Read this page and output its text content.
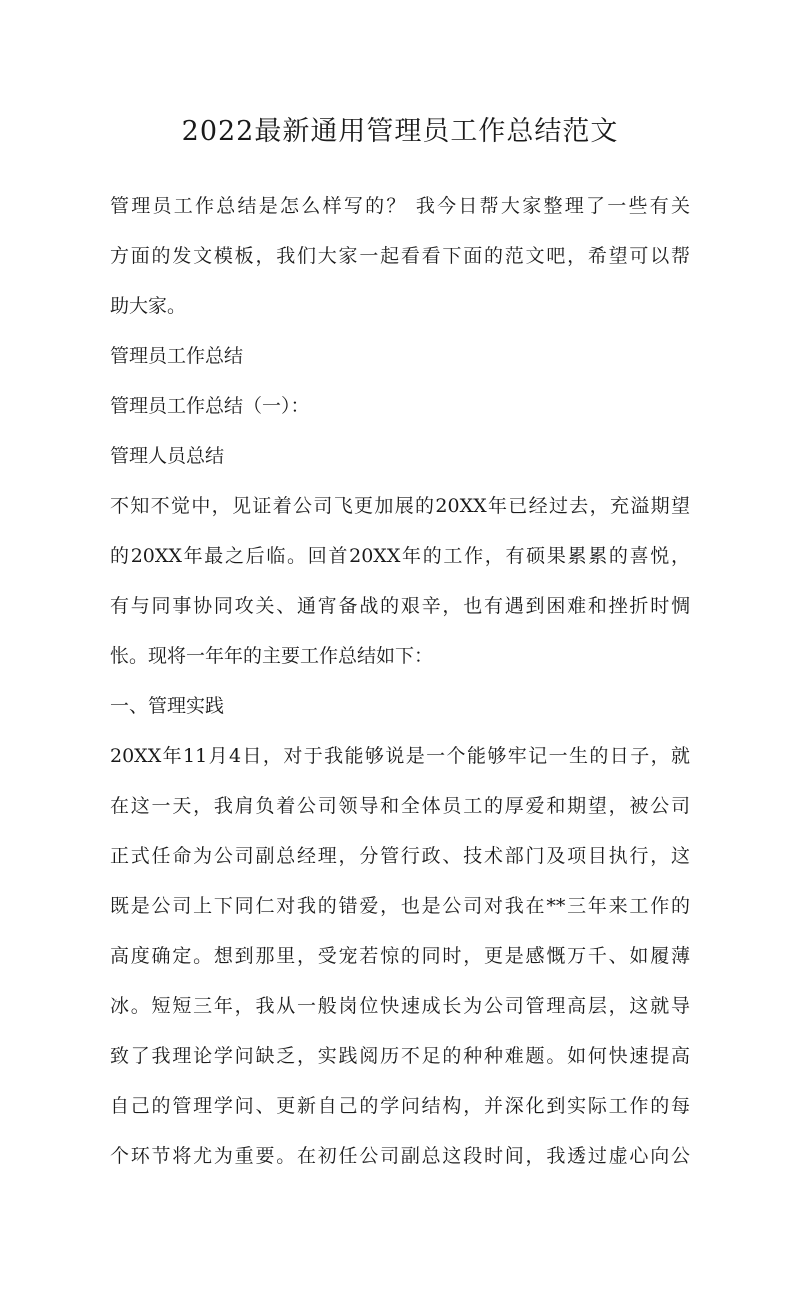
2022最新通用管理员工作总结范文
管理员工作总结是怎么样写的？ 我今日帮大家整理了一些有关
方面的发文模板，我们大家一起看看下面的范文吧，希望可以帮
助大家。
管理员工作总结
管理员工作总结（一）：
管理人员总结
不知不觉中，见证着公司飞更加展的20XX年已经过去，充溢期望
的20XX年最之后临。回首20XX年的工作，有硕果累累的喜悦，
有与同事协同攻关、通宵备战的艰辛，也有遇到困难和挫折时惆
怅。现将一年年的主要工作总结如下：
一、管理实践
20XX年11月4日，对于我能够说是一个能够牢记一生的日子，就
在这一天，我肩负着公司领导和全体员工的厚爱和期望，被公司
正式任命为公司副总经理，分管行政、技术部门及项目执行，这
既是公司上下同仁对我的错爱，也是公司对我在**三年来工作的
高度确定。想到那里，受宠若惊的同时，更是感慨万千、如履薄
冰。短短三年，我从一般岗位快速成长为公司管理高层，这就导
致了我理论学问缺乏，实践阅历不足的种种难题。如何快速提高
自己的管理学问、更新自己的学问结构，并深化到实际工作的每
个环节将尤为重要。在初任公司副总这段时间，我透过虚心向公
